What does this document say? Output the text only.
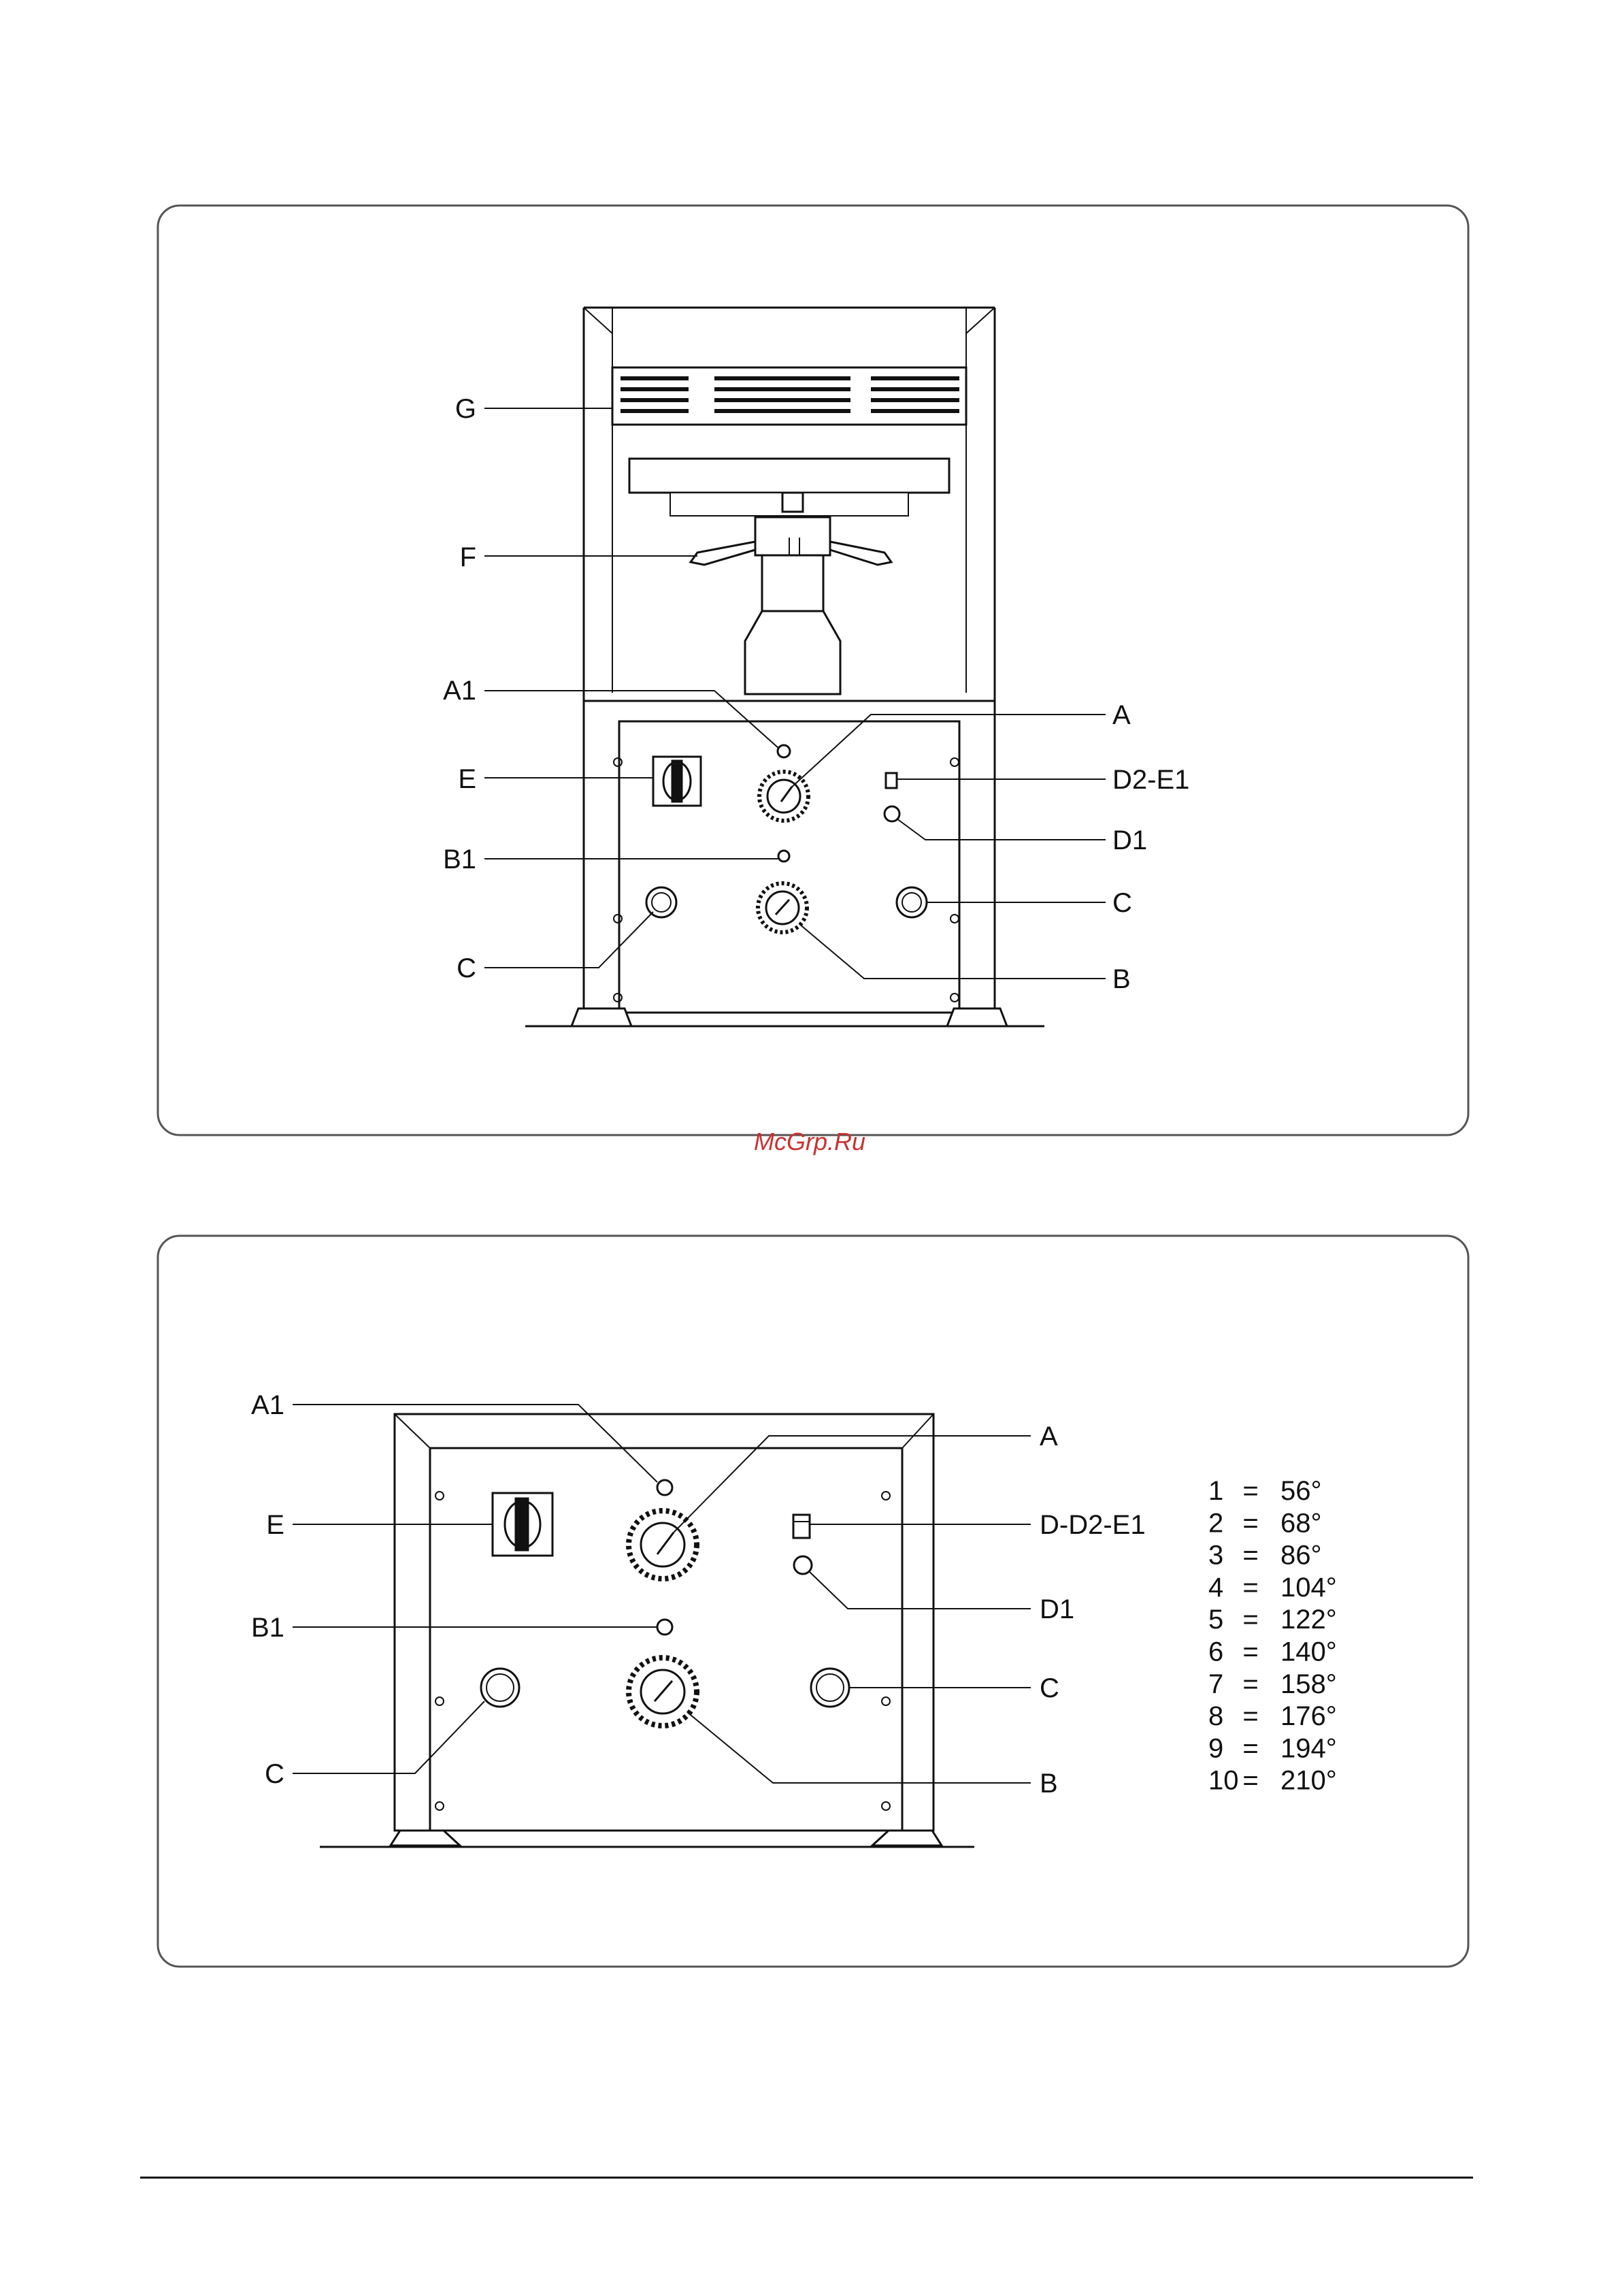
G
F
A1
E
B1
C
A
D2-E1
D1
C
B
McGrp.Ru
A1
E
B1
C
A
D-D2-E1
D1
C
B
1 = 56°
2 = 68°
3 = 86°
4 = 104°
5 = 122°
6 = 140°
7 = 158°
8 = 176°
9 = 194°
10 = 210°
